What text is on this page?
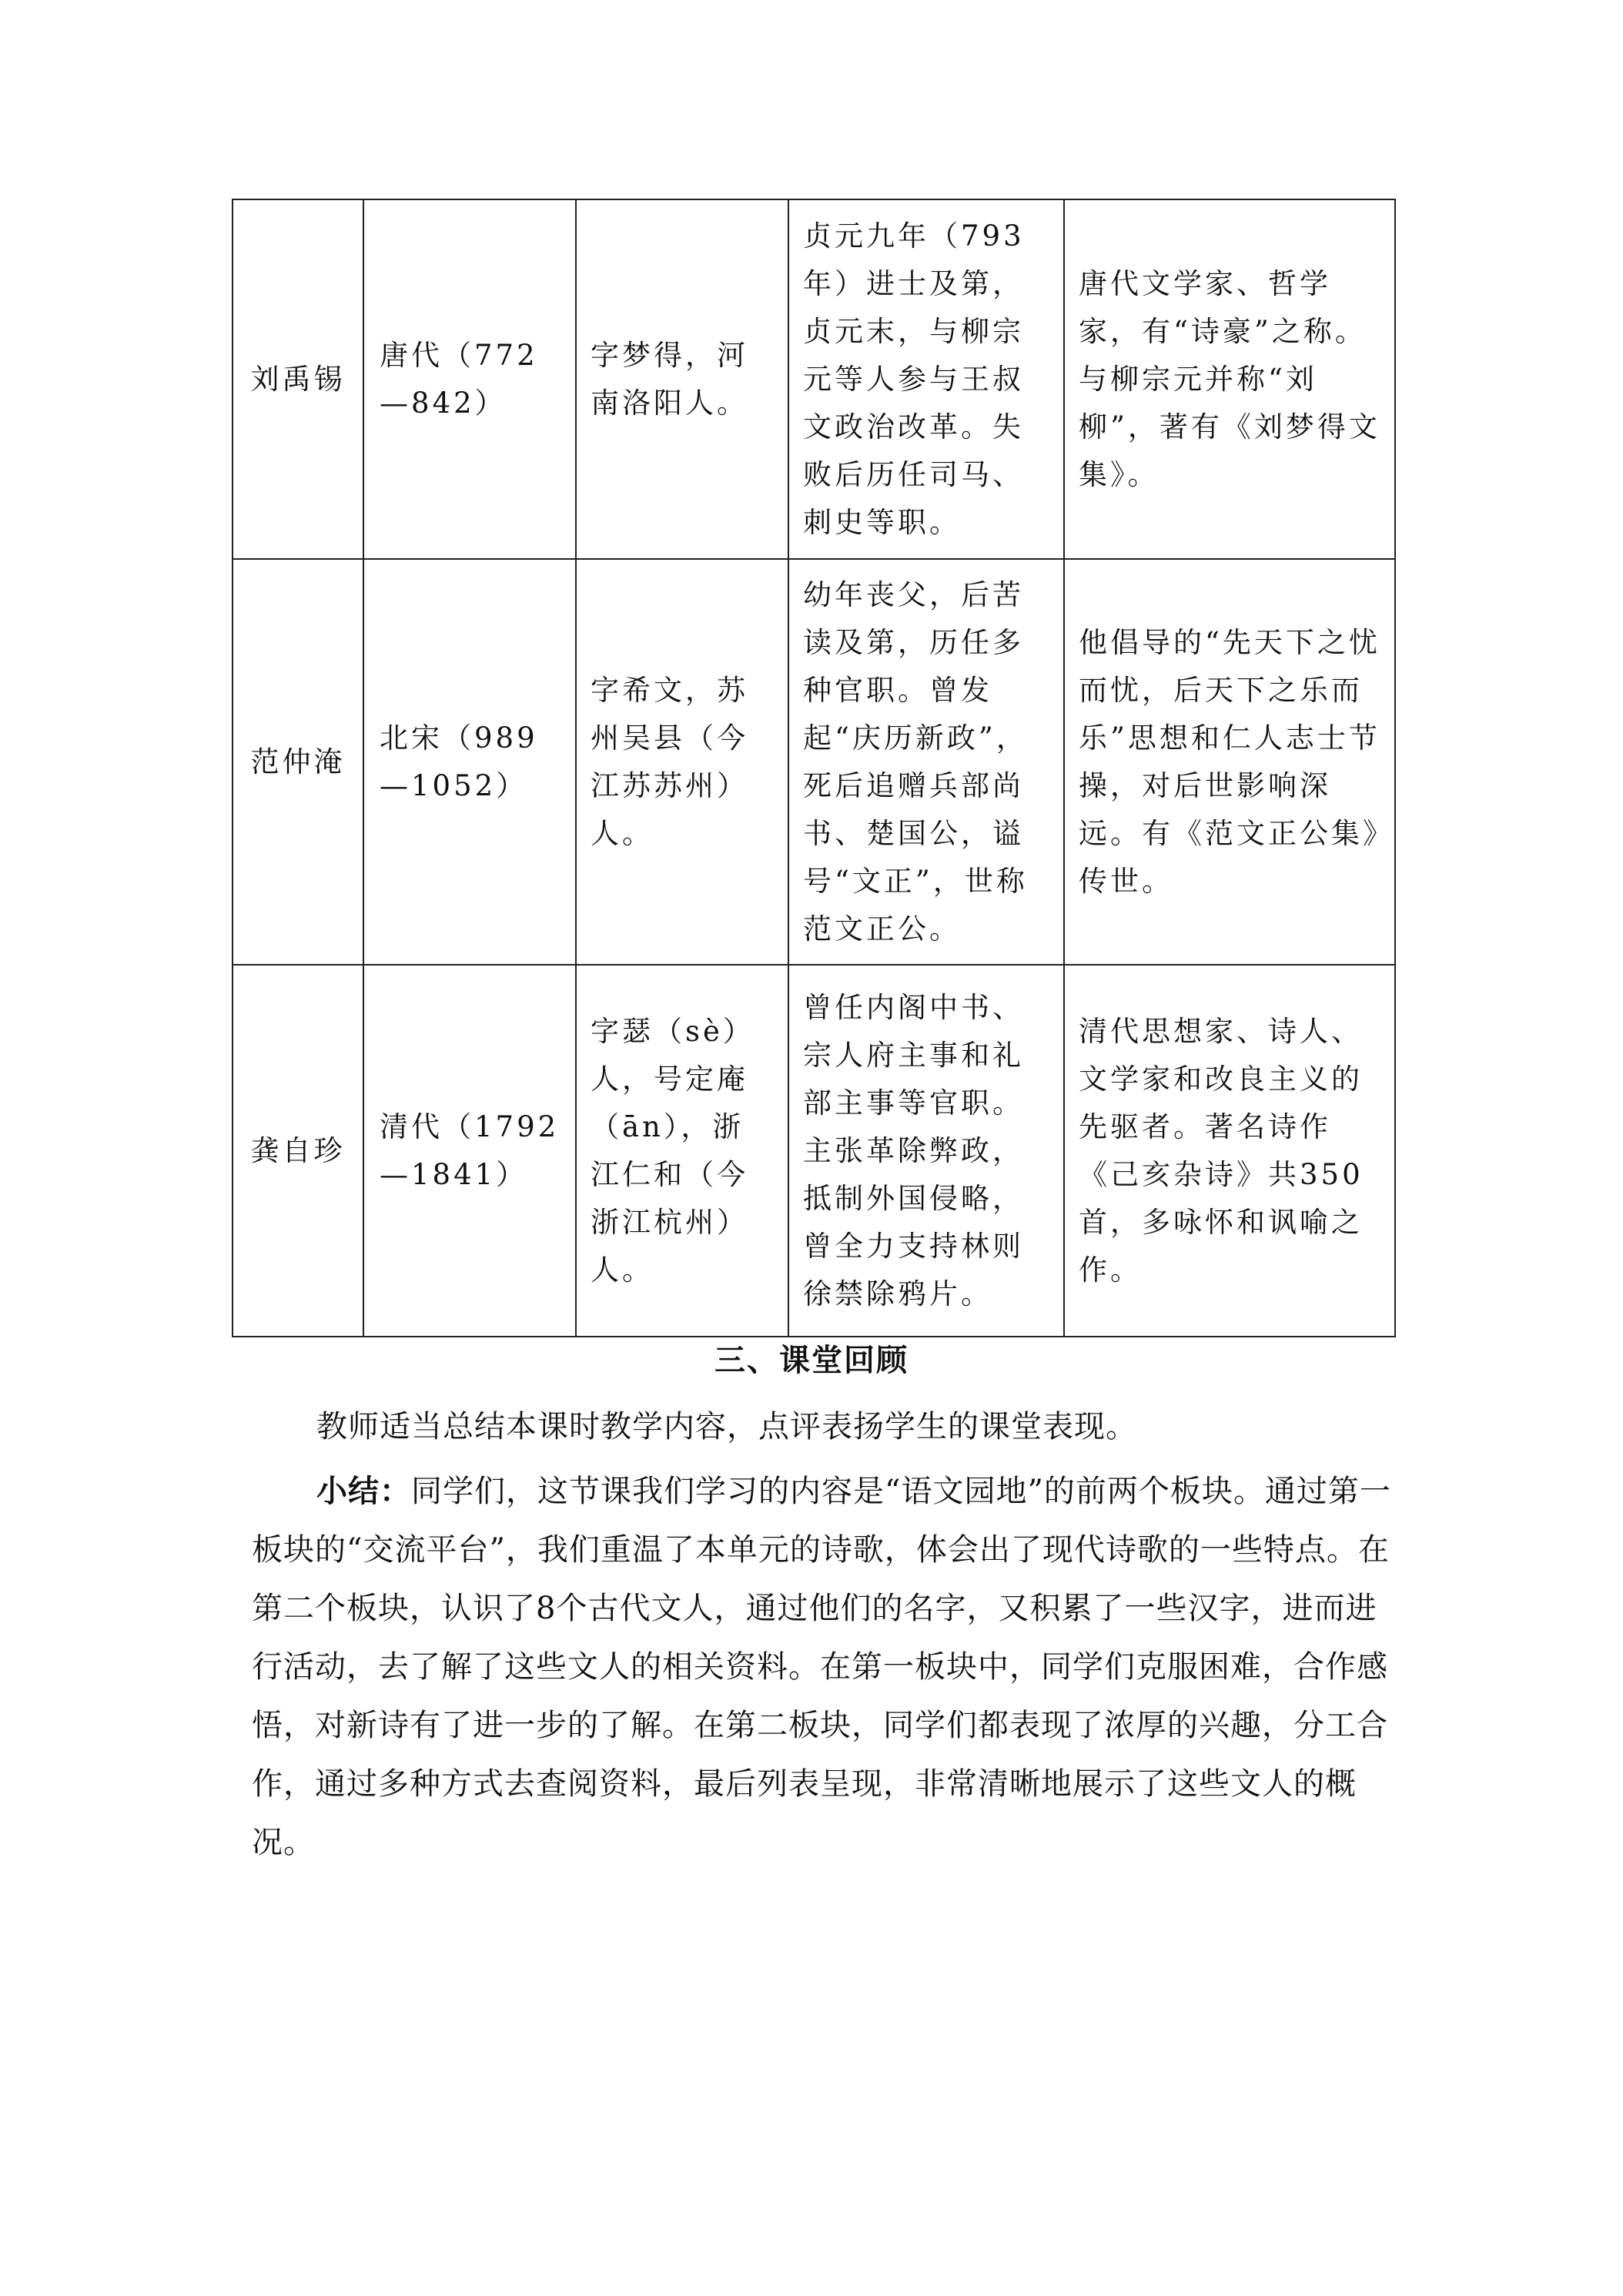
刘禹锡	唐代（772—842）	字梦得，河南洛阳人。	贞元九年（793年）进士及第，贞元末，与柳宗元等人参与王叔文政治改革。失败后历任司马、刺史等职。	唐代文学家、哲学家，有“诗豪”之称。与柳宗元并称“刘柳”，著有《刘梦得文集》。
范仲淹	北宋（989—1052）	字希文，苏州吴县（今江苏苏州）人。	幼年丧父，后苦读及第，历任多种官职。曾发起“庆历新政”，死后追赠兵部尚书、楚国公，谥号“文正”，世称范文正公。	他倡导的“先天下之忧而忧，后天下之乐而乐”思想和仁人志士节操，对后世影响深远。有《范文正公集》传世。
龚自珍	清代（1792—1841）	字瑟（sè）人，号定庵（ān），浙江仁和（今浙江杭州）人。	曾任内阁中书、宗人府主事和礼部主事等官职。主张革除弊政，抵制外国侵略，曾全力支持林则徐禁除鸦片。	清代思想家、诗人、文学家和改良主义的先驱者。著名诗作《己亥杂诗》共350首，多咏怀和讽喻之作。
三、课堂回顾
教师适当总结本课时教学内容，点评表扬学生的课堂表现。
小结：同学们，这节课我们学习的内容是“语文园地”的前两个板块。通过第一板块的“交流平台”，我们重温了本单元的诗歌，体会出了现代诗歌的一些特点。在第二个板块，认识了8个古代文人，通过他们的名字，又积累了一些汉字，进而进行活动，去了解了这些文人的相关资料。在第一板块中，同学们克服困难，合作感悟，对新诗有了进一步的了解。在第二板块，同学们都表现了浓厚的兴趣，分工合作，通过多种方式去查阅资料，最后列表呈现，非常清晰地展示了这些文人的概况。
